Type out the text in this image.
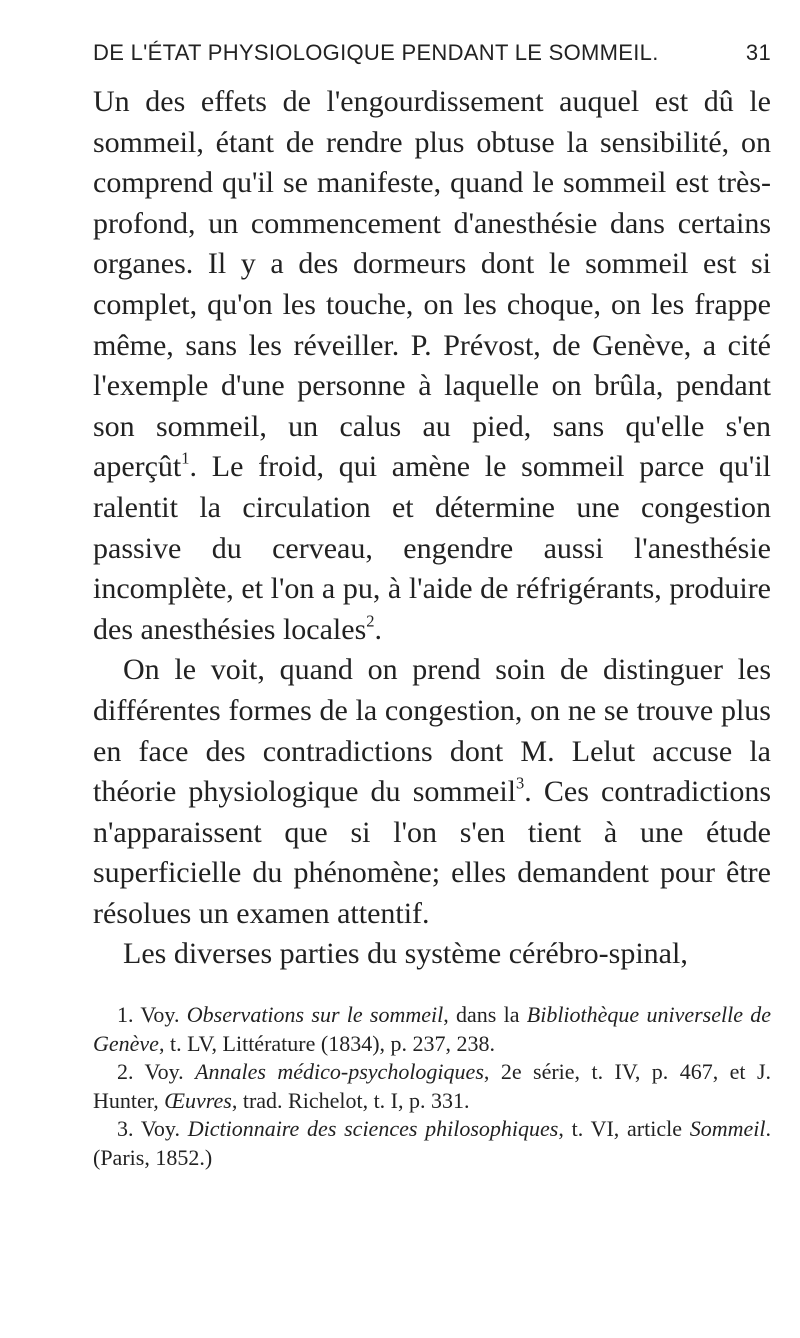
DE L'ÉTAT PHYSIOLOGIQUE PENDANT LE SOMMEIL.	31

Un des effets de l'engourdissement auquel est dû le sommeil, étant de rendre plus obtuse la sensibilité, on comprend qu'il se manifeste, quand le sommeil est très-profond, un commencement d'anesthésie dans certains organes. Il y a des dormeurs dont le sommeil est si complet, qu'on les touche, on les choque, on les frappe même, sans les réveiller. P. Prévost, de Genève, a cité l'exemple d'une personne à laquelle on brûla, pendant son sommeil, un calus au pied, sans qu'elle s'en aperçût$^1$. Le froid, qui amène le sommeil parce qu'il ralentit la circulation et détermine une congestion passive du cerveau, engendre aussi l'anesthésie incomplète, et l'on a pu, à l'aide de réfrigérants, produire des anesthésies locales$^2$.

On le voit, quand on prend soin de distinguer les différentes formes de la congestion, on ne se trouve plus en face des contradictions dont M. Lelut accuse la théorie physiologique du sommeil$^3$. Ces contradictions n'apparaissent que si l'on s'en tient à une étude superficielle du phénomène; elles demandent pour être résolues un examen attentif.

Les diverses parties du système cérébro-spinal,

1. Voy. Observations sur le sommeil, dans la Bibliothèque universelle de Genève, t. LV, Littérature (1834), p. 237, 238.

2. Voy. Annales médico-psychologiques, 2e série, t. IV, p. 467, et J. Hunter, Œuvres, trad. Richelot, t. I, p. 331.

3. Voy. Dictionnaire des sciences philosophiques, t. VI, article Sommeil. (Paris, 1852.)
